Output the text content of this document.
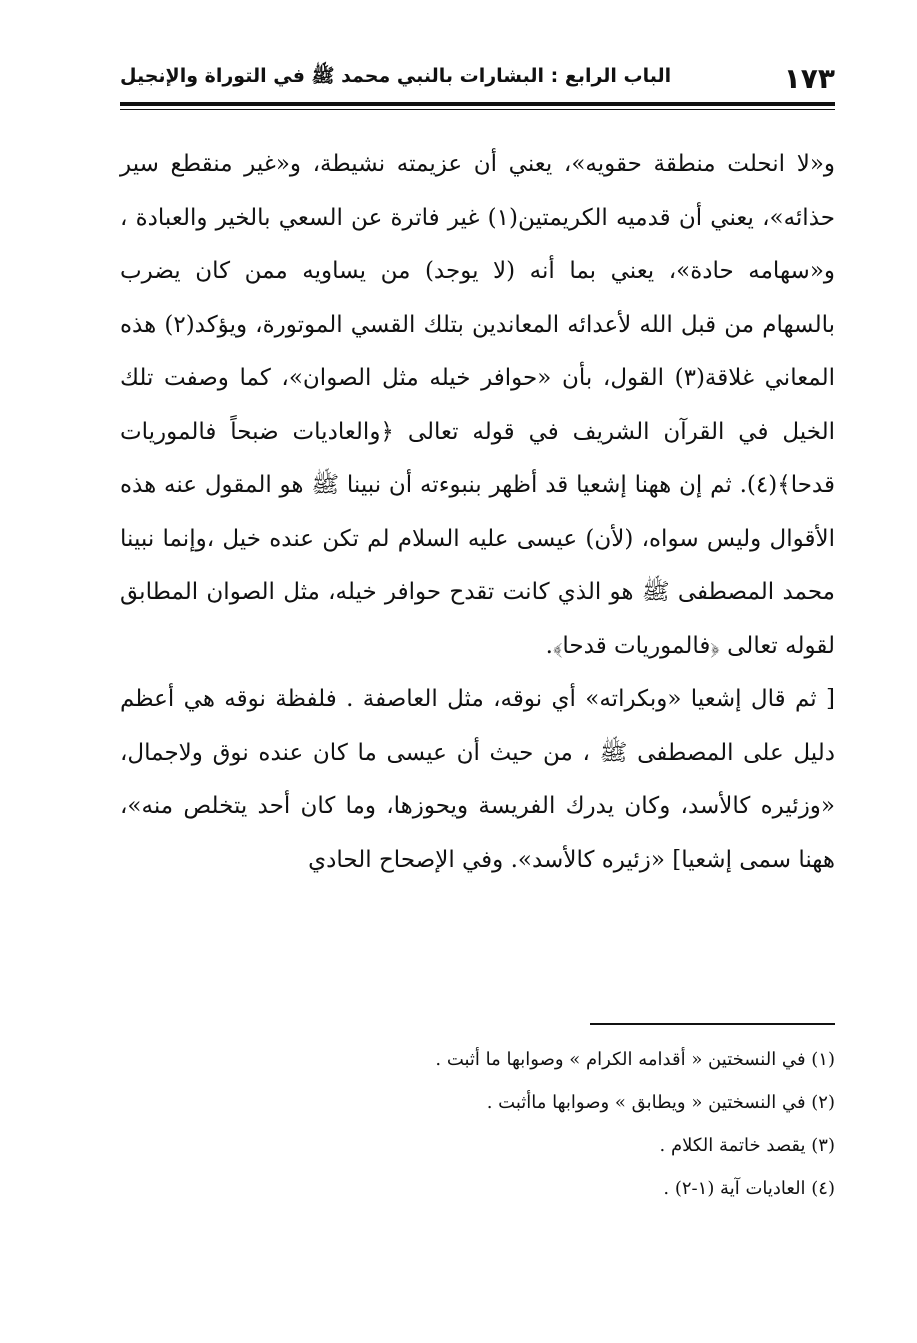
١٧٣
الباب الرابع : البشارات بالنبي محمد ﷺ في التوراة والإنجيل

و«لا انحلت منطقة حقويه»، يعني أن عزيمته نشيطة، و«غير منقطع سير حذائه»، يعني أن قدميه الكريمتين(١) غير فاترة عن السعي بالخير والعبادة ، و«سهامه حادة»، يعني بما أنه (لا يوجد) من يساويه ممن كان يضرب بالسهام من قبل الله لأعدائه المعاندين بتلك القسي الموتورة، ويؤكد(٢) هذه المعاني غلاقة(٣) القول، بأن «حوافر خيله مثل الصوان»، كما وصفت تلك الخيل في القرآن الشريف في قوله تعالى ﴿والعاديات ضبحاً فالموريات قدحا﴾(٤). ثم إن ههنا إشعيا قد أظهر بنبوءته أن نبينا ﷺ هو المقول عنه هذه الأقوال وليس سواه، (لأن) عيسى عليه السلام لم تكن عنده خيل ،وإنما نبينا محمد المصطفى ﷺ هو الذي كانت تقدح حوافر خيله، مثل الصوان المطابق لقوله تعالى ﴿فالموريات قدحا﴾.

[ ثم قال إشعيا «وبكراته» أي نوقه، مثل العاصفة . فلفظة نوقه هي أعظم دليل على المصطفى ﷺ ، من حيث أن عيسى ما كان عنده نوق ولاجمال، «وزئيره كالأسد، وكان يدرك الفريسة ويحوزها، وما كان أحد يتخلص منه»، ههنا سمى إشعيا] «زئيره كالأسد». وفي الإصحاح الحادي

(١) في النسختين « أقدامه الكرام » وصوابها ما أثبت .

(٢) في النسختين « ويطابق » وصوابها ماأثبت .

(٣) يقصد خاتمة الكلام .

(٤) العاديات آية (١-٢) .
